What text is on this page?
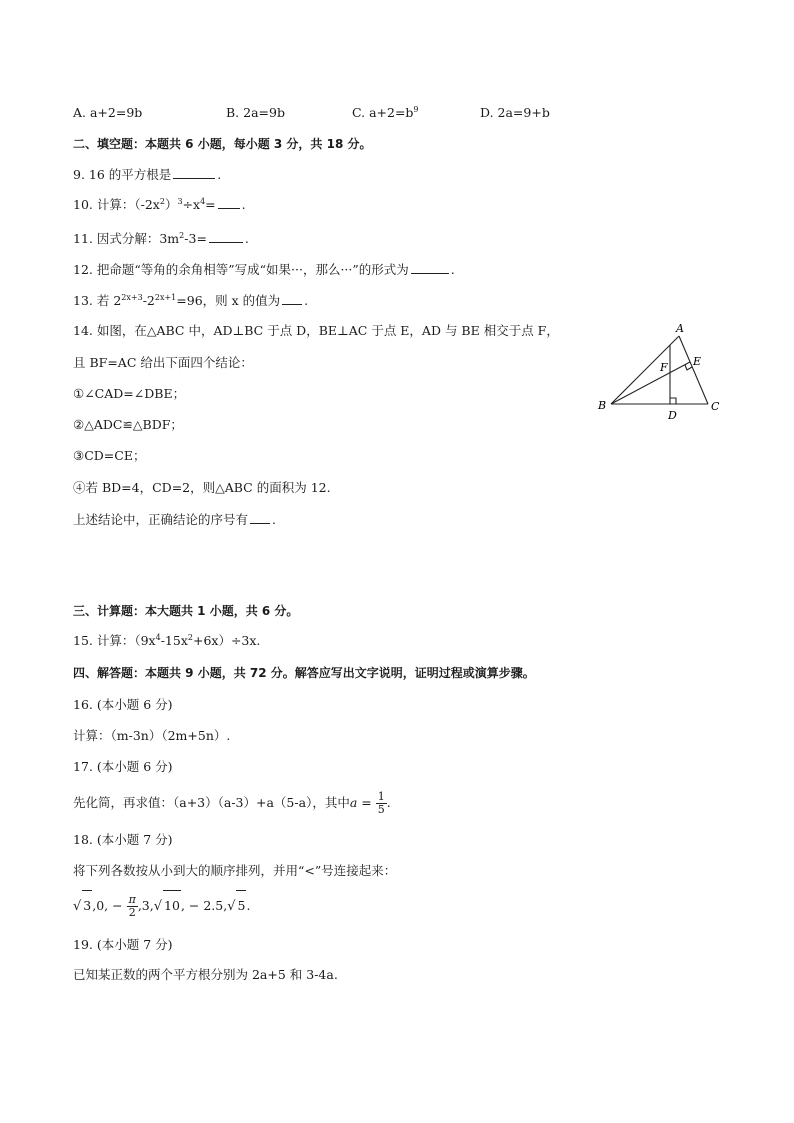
A. a+2=9b	B. 2a=9b	C. $a+2=b^9$	D. 2a=9+b
二、填空题：本题共 6 小题，每小题 3 分，共 18 分。
9. 16 的平方根是	.
10. 计算：$(-2x^2)^3\div x^4=$ .
11. 因式分解：$3m^2-3=$	.
12. 把命题“等角的余角相等”写成“如果···，那么···”的形式为	.
13. 若 $2^{2x+3}-2^{2x+1}=96$，则 x 的值为 .
14. 如图，在△ABC 中，AD⊥BC 于点 D，BE⊥AC 于点 E，AD 与 BE 相交于点 F，
且 BF=AC 给出下面四个结论：
①∠CAD=∠DBE；
②△ADC≌△BDF；
③CD=CE；
④若 BD=4，CD=2，则△ABC 的面积为 12.
上述结论中，正确结论的序号有 .
A
B	C
D
E
F
三、计算题：本大题共 1 小题，共 6 分。
15. 计算：$(9x^4-15x^2+6x)\div 3x$.
四、解答题：本题共 9 小题，共 72 分。解答应写出文字说明，证明过程或演算步骤。
16. (本小题 6 分)
计算：（m-3n）（2m+5n）.
17. (本小题 6 分)
先化简，再求值：（a+3）（a-3）+a（5-a），其中$a = \frac{1}{5}$ .
18. (本小题 7 分)
将下列各数按从小到大的顺序排列，并用“<”号连接起来：
√ 3,0, − $\frac{\pi}{2} ,3,√$ 10, − 2.5,√ 5.
19. (本小题 7 分)
已知某正数的两个平方根分别为 2a+5 和 3-4a.
